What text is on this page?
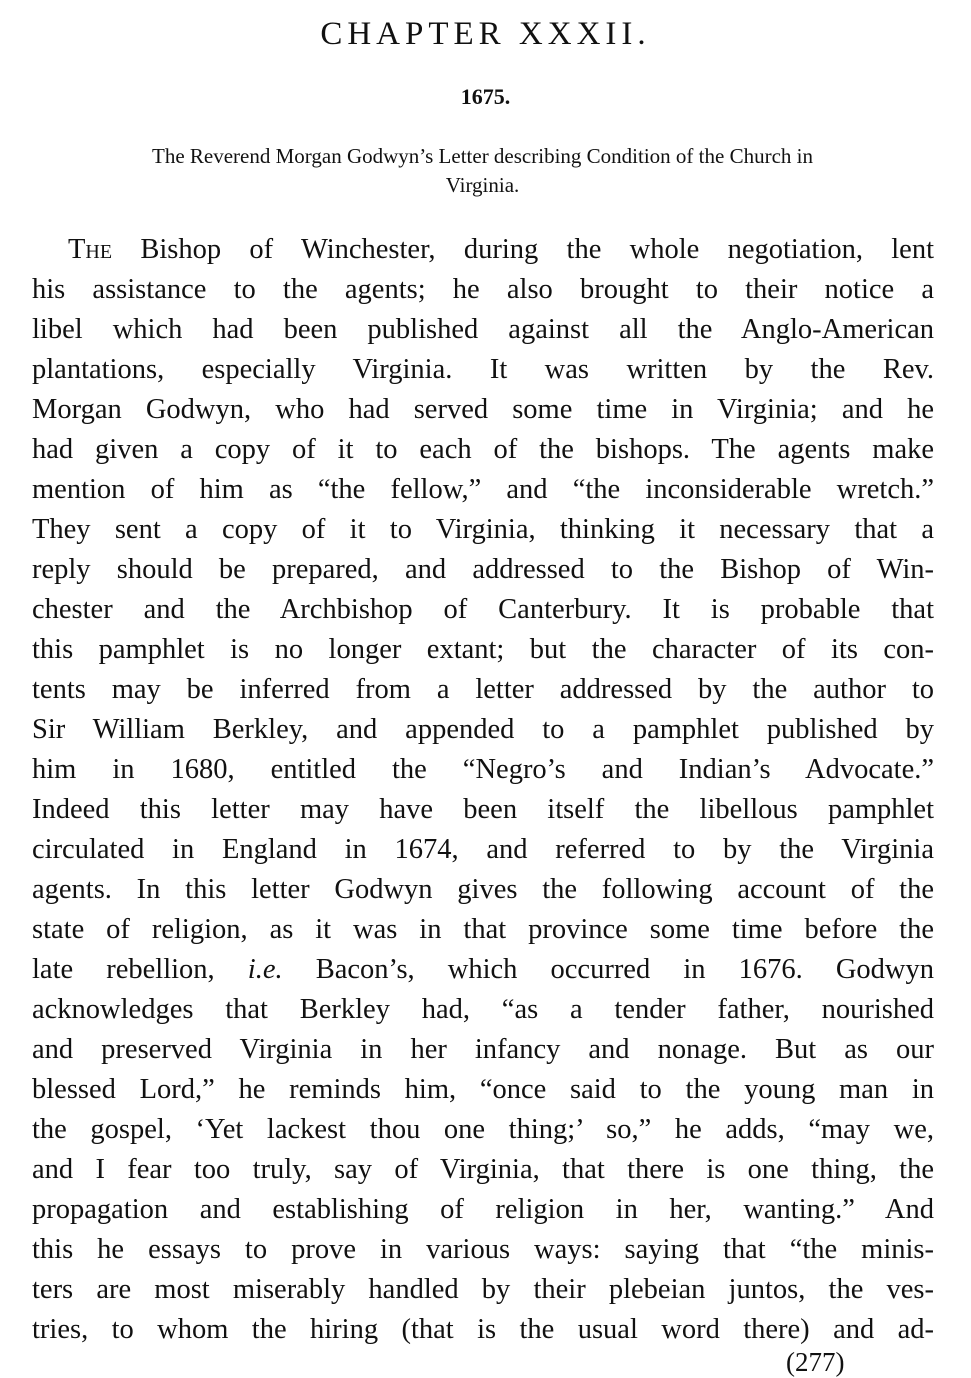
CHAPTER XXXII.
1675.
The Reverend Morgan Godwyn’s Letter describing Condition of the Church in
Virginia.
The Bishop of Winchester, during the whole negotiation, lent
his assistance to the agents; he also brought to their notice a
libel which had been published against all the Anglo-American
plantations, especially Virginia. It was written by the Rev.
Morgan Godwyn, who had served some time in Virginia; and he
had given a copy of it to each of the bishops. The agents make
mention of him as “the fellow,” and “the inconsiderable wretch.”
They sent a copy of it to Virginia, thinking it necessary that a
reply should be prepared, and addressed to the Bishop of Win-
chester and the Archbishop of Canterbury. It is probable that
this pamphlet is no longer extant; but the character of its con-
tents may be inferred from a letter addressed by the author to
Sir William Berkley, and appended to a pamphlet published by
him in 1680, entitled the “Negro’s and Indian’s Advocate.”
Indeed this letter may have been itself the libellous pamphlet
circulated in England in 1674, and referred to by the Virginia
agents. In this letter Godwyn gives the following account of the
state of religion, as it was in that province some time before the
late rebellion, i.e. Bacon’s, which occurred in 1676. Godwyn
acknowledges that Berkley had, “as a tender father, nourished
and preserved Virginia in her infancy and nonage. But as our
blessed Lord,” he reminds him, “once said to the young man in
the gospel, ‘Yet lackest thou one thing;’ so,” he adds, “may we,
and I fear too truly, say of Virginia, that there is one thing, the
propagation and establishing of religion in her, wanting.” And
this he essays to prove in various ways: saying that “the minis-
ters are most miserably handled by their plebeian juntos, the ves-
tries, to whom the hiring (that is the usual word there) and ad-
(277)
